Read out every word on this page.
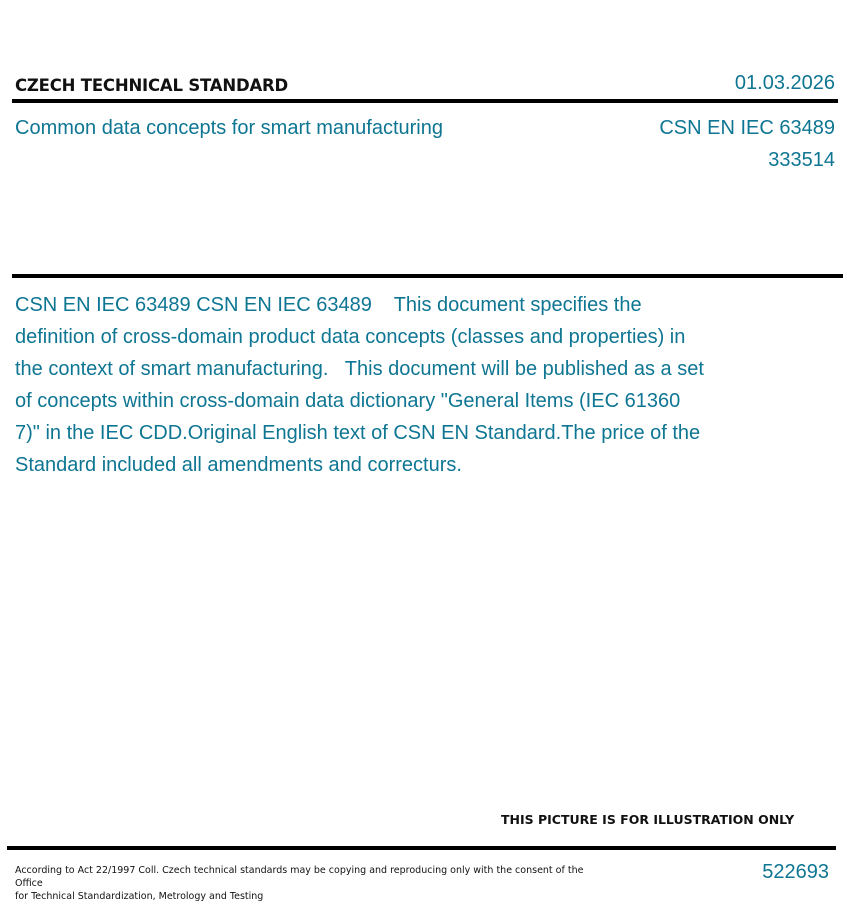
CZECH TECHNICAL STANDARD	01.03.2026
Common data concepts for smart manufacturing	CSN EN IEC 63489
333514
CSN EN IEC 63489 CSN EN IEC 63489    This document specifies the definition of cross-domain product data concepts (classes and properties) in the context of smart manufacturing.   This document will be published as a set of concepts within cross-domain data dictionary "General Items (IEC 61360 7)" in the IEC CDD.Original English text of CSN EN Standard.The price of the Standard included all amendments and correcturs.
THIS PICTURE IS FOR ILLUSTRATION ONLY
According to Act 22/1997 Coll. Czech technical standards may be copying and reproducing only with the consent of the Office
for Technical Standardization, Metrology and Testing
522693
